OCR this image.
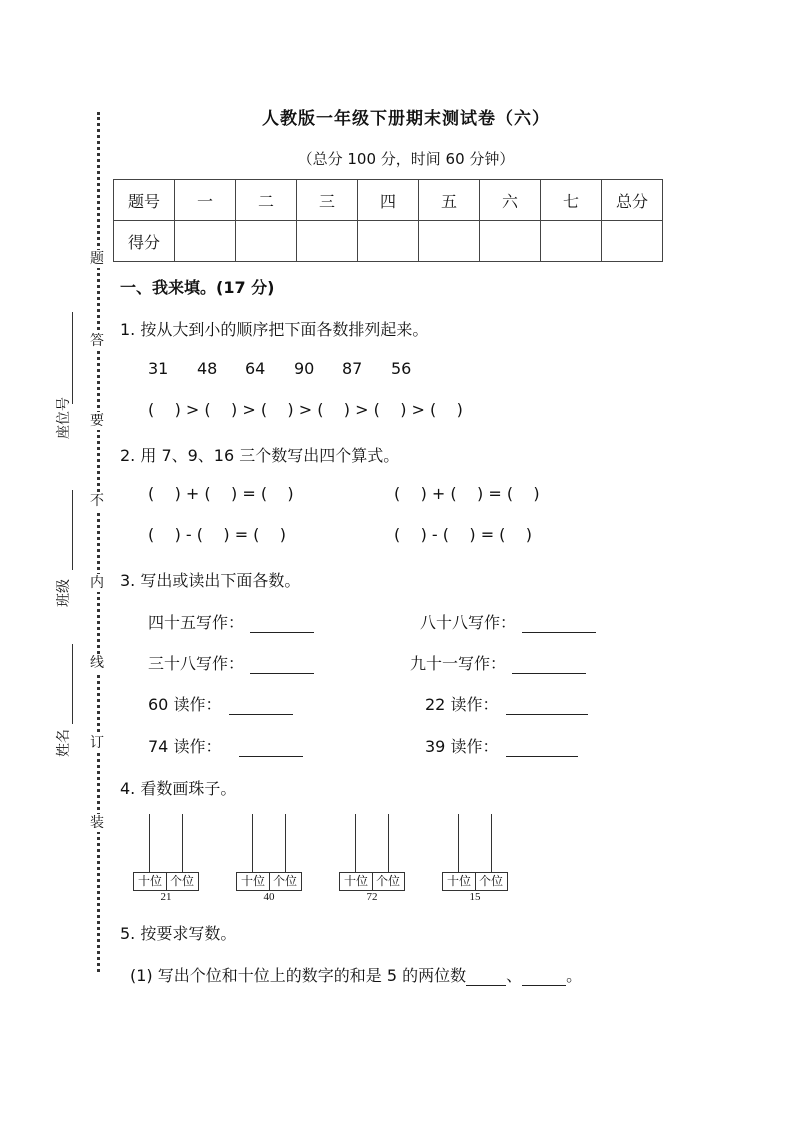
题
答
要
不
内
线
订
装
座位号
班级
姓名
人教版一年级下册期末测试卷（六）
（总分 100 分，时间 60 分钟）
题号	一	二	三	四	五	六	七	总分
得分								
一、我来填。(17 分)
1. 按从大到小的顺序把下面各数排列起来。
31 48 64 90 87 56
(    ) > (    ) > (    ) > (    ) > (    ) > (    )
2. 用 7、9、16 三个数写出四个算式。
(    ) + (    ) = (    )	(    ) + (    ) = (    )
(    ) - (    ) = (    )	(    ) - (    ) = (    )
3. 写出或读出下面各数。
四十五写作：	八十八写作：
三十八写作：	九十一写作：
60 读作：	22 读作：
74 读作：	39 读作：
4. 看数画珠子。
十位 个位
21
十位 个位
40
十位 个位
72
十位 个位
15
5. 按要求写数。
(1) 写出个位和十位上的数字的和是 5 的两位数	、	。
